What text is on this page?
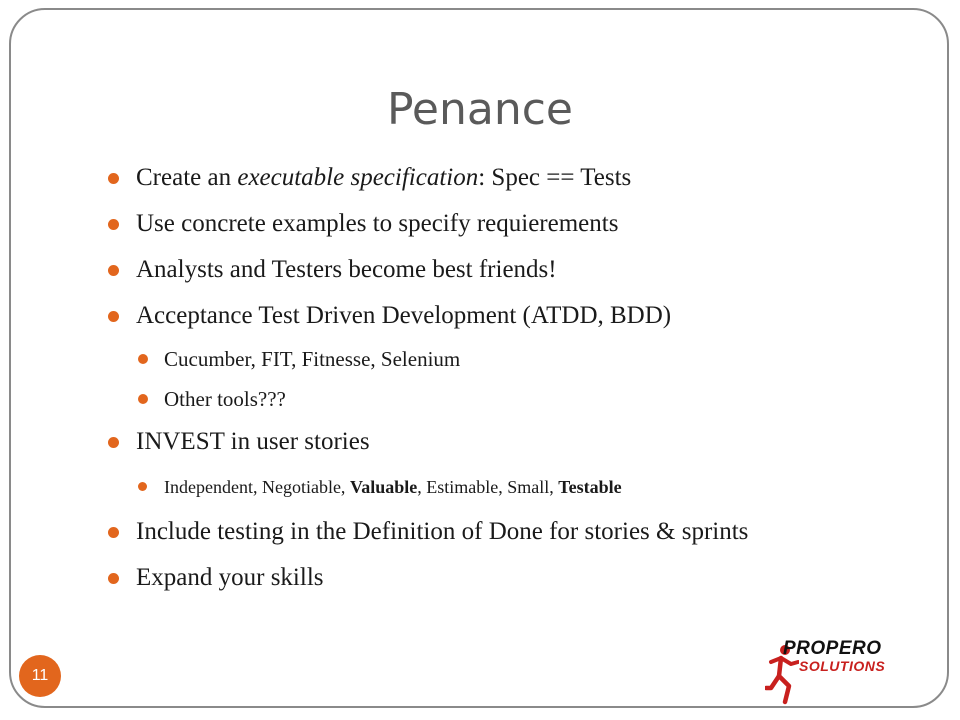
Penance
Create an executable specification: Spec == Tests
Use concrete examples to specify requierements
Analysts and Testers become best friends!
Acceptance Test Driven Development (ATDD, BDD)
Cucumber, FIT, Fitnesse, Selenium
Other tools???
INVEST in user stories
Independent, Negotiable, Valuable, Estimable, Small, Testable
Include testing in the Definition of Done for stories & sprints
Expand your skills
11
PROPERO
SOLUTIONS
